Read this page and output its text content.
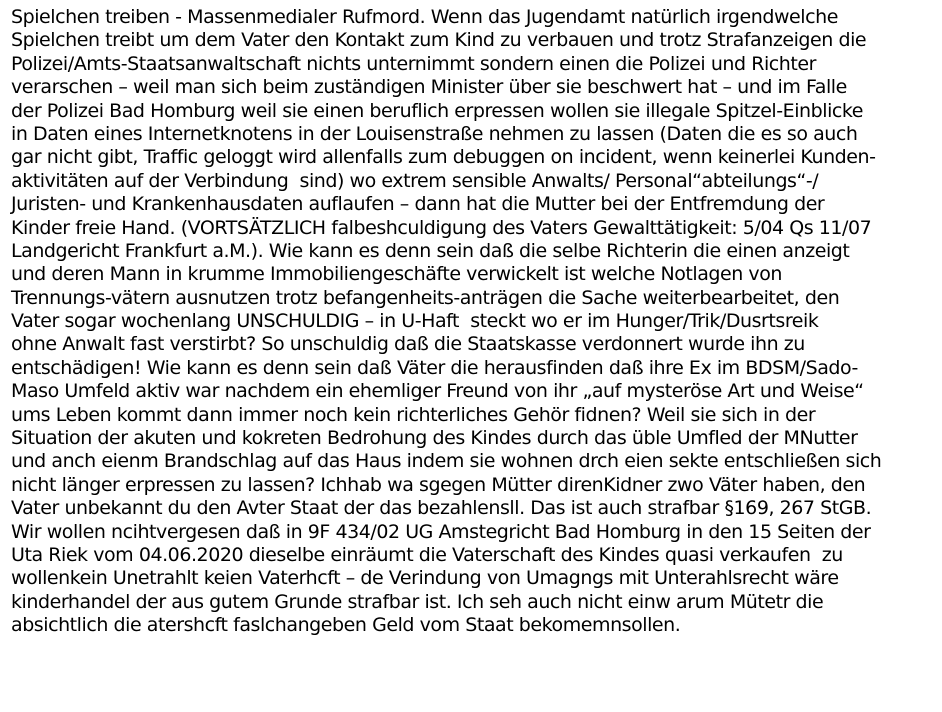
Spielchen treiben - Massenmedialer Rufmord. Wenn das Jugendamt natürlich irgendwelche
Spielchen treibt um dem Vater den Kontakt zum Kind zu verbauen und trotz Strafanzeigen die
Polizei/Amts-Staatsanwaltschaft nichts unternimmt sondern einen die Polizei und Richter
verarschen – weil man sich beim zuständigen Minister über sie beschwert hat – und im Falle
der Polizei Bad Homburg weil sie einen beruflich erpressen wollen sie illegale Spitzel-Einblicke
in Daten eines Internetknotens in der Louisenstraße nehmen zu lassen (Daten die es so auch
gar nicht gibt, Traffic geloggt wird allenfalls zum debuggen on incident, wenn keinerlei Kunden-
aktivitäten auf der Verbindung  sind) wo extrem sensible Anwalts/ Personal“abteilungs“-/
Juristen- und Krankenhausdaten auflaufen – dann hat die Mutter bei der Entfremdung der
Kinder freie Hand. (VORTSÄTZLICH falbeshculdigung des Vaters Gewalttätigkeit: 5/04 Qs 11/07
Landgericht Frankfurt a.M.). Wie kann es denn sein daß die selbe Richterin die einen anzeigt
und deren Mann in krumme Immobiliengeschäfte verwickelt ist welche Notlagen von
Trennungs-vätern ausnutzen trotz befangenheits-anträgen die Sache weiterbearbeitet, den
Vater sogar wochenlang UNSCHULDIG – in U-Haft  steckt wo er im Hunger/Trik/Dusrtsreik
ohne Anwalt fast verstirbt? So unschuldig daß die Staatskasse verdonnert wurde ihn zu
entschädigen! Wie kann es denn sein daß Väter die herausfinden daß ihre Ex im BDSM/Sado-
Maso Umfeld aktiv war nachdem ein ehemliger Freund von ihr „auf mysteröse Art und Weise“
ums Leben kommt dann immer noch kein richterliches Gehör fidnen? Weil sie sich in der
Situation der akuten und kokreten Bedrohung des Kindes durch das üble Umfled der MNutter
und anch eienm Brandschlag auf das Haus indem sie wohnen drch eien sekte entschließen sich
nicht länger erpressen zu lassen? Ichhab wa sgegen Mütter direnKidner zwo Väter haben, den
Vater unbekannt du den Avter Staat der das bezahlensll. Das ist auch strafbar §169, 267 StGB.
Wir wollen ncihtvergesen daß in 9F 434/02 UG Amstegricht Bad Homburg in den 15 Seiten der
Uta Riek vom 04.06.2020 dieselbe einräumt die Vaterschaft des Kindes quasi verkaufen  zu
wollenkein Unetrahlt keien Vaterhcft – de Verindung von Umagngs mit Unterahlsrecht wäre
kinderhandel der aus gutem Grunde strafbar ist. Ich seh auch nicht einw arum Mütetr die
absichtlich die atershcft faslchangeben Geld vom Staat bekomemnsollen.
